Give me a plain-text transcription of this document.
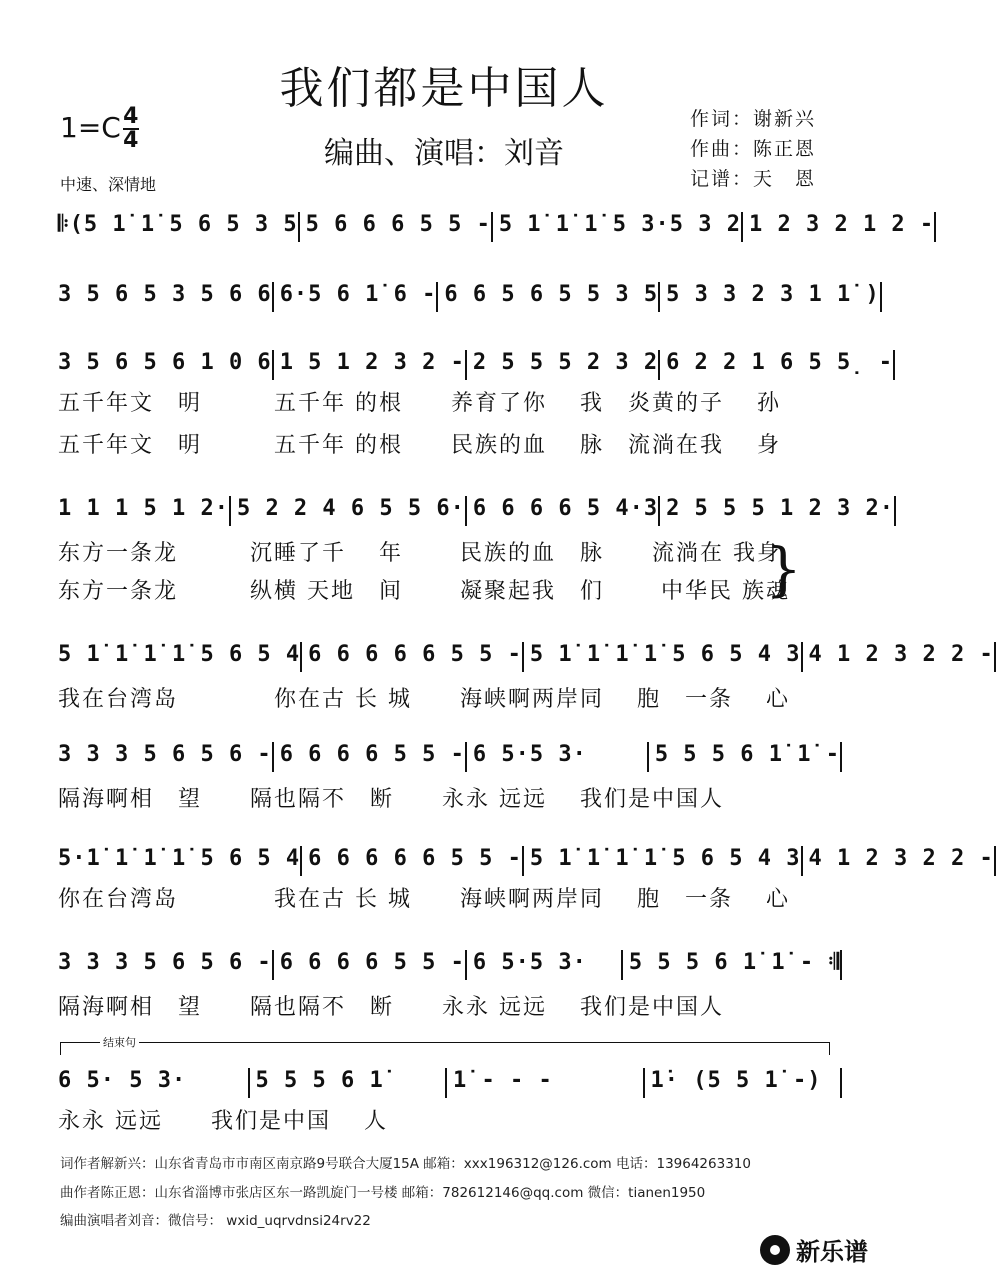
我们都是中国人
$1=C \frac{4}{4}$
编曲、演唱：刘音
中速、深情地
作词：谢新兴
作曲：陈正恩
记谱：天　恩
𝄆(5 1̇ 1̇ 5 6 5 3 5 5 6 6 6 5 5 - 5 1̇ 1̇ 1̇ 5 3·5 3 2 1 2 3 2 1 2 -
3 5 6 5 3 5 6 6 6·5 6 1̇ 6 - 6 6 5 6 5 5 3 5 5 3 3 2 3 1 1̇ )
3 5 6 5 6 1 0 6 1 5 1 2 3 2 - 2 5 5 5 2 3 2 6 2 2 1 6 5 5̣ -
五千年文　明　　　五千年 的根　　养育了你　 我　炎黄的子　 孙
五千年文　明　　　五千年 的根　　民族的血　 脉　流淌在我　 身
1 1 1 5 1 2· 5 2 2 4 6 5 5 6· 6 6 6 6 5 4·3 2 5 5 5 1 2 3 2·
东方一条龙　　　沉睡了千　 年　　 民族的血　脉　　流淌在 我身
东方一条龙　　　纵横 天地　间　　 凝聚起我　们　　 中华民 族魂
5 1̇ 1̇ 1̇ 1̇ 5 6 5 4 6 6 6 6 6 5 5 - 5 1̇ 1̇ 1̇ 1̇ 5 6 5 4 3 4 1 2 3 2 2 -
我在台湾岛　　　　你在古 长 城　　海峡啊两岸同　 胞　一条　 心
3 3 3 5 6 5 6 - 6 6 6 6 5 5 - 6 5·5 3·	5 5 5 6 1̇ 1̇ -
隔海啊相　望　　隔也隔不　断　　永永 远远　 我们是中国人
5·1̇ 1̇ 1̇ 1̇ 5 6 5 4 6 6 6 6 6 5 5 - 5 1̇ 1̇ 1̇ 1̇ 5 6 5 4 3 4 1 2 3 2 2 -
你在台湾岛　　　　我在古 长 城　　海峡啊两岸同　 胞　一条　 心
3 3 3 5 6 5 6 - 6 6 6 6 5 5 - 6 5·5 3·	5 5 5 6 1̇ 1̇ - 𝄇
隔海啊相　望　　隔也隔不　断　　永永 远远　 我们是中国人
6 5· 5 3·	5 5 5 6 1̇	1̇ - - -	1̇· (5 5 1̇ -)
永永 远远　　我们是中国　 人
结束句
}
词作者解新兴：山东省青岛市市南区南京路9号联合大厦15A 邮箱：xxx196312@126.com 电话：13964263310
曲作者陈正恩：山东省淄博市张店区东一路凯旋门一号楼 邮箱：782612146@qq.com 微信：tianen1950
编曲演唱者刘音：微信号： wxid_uqrvdnsi24rv22
新乐谱
